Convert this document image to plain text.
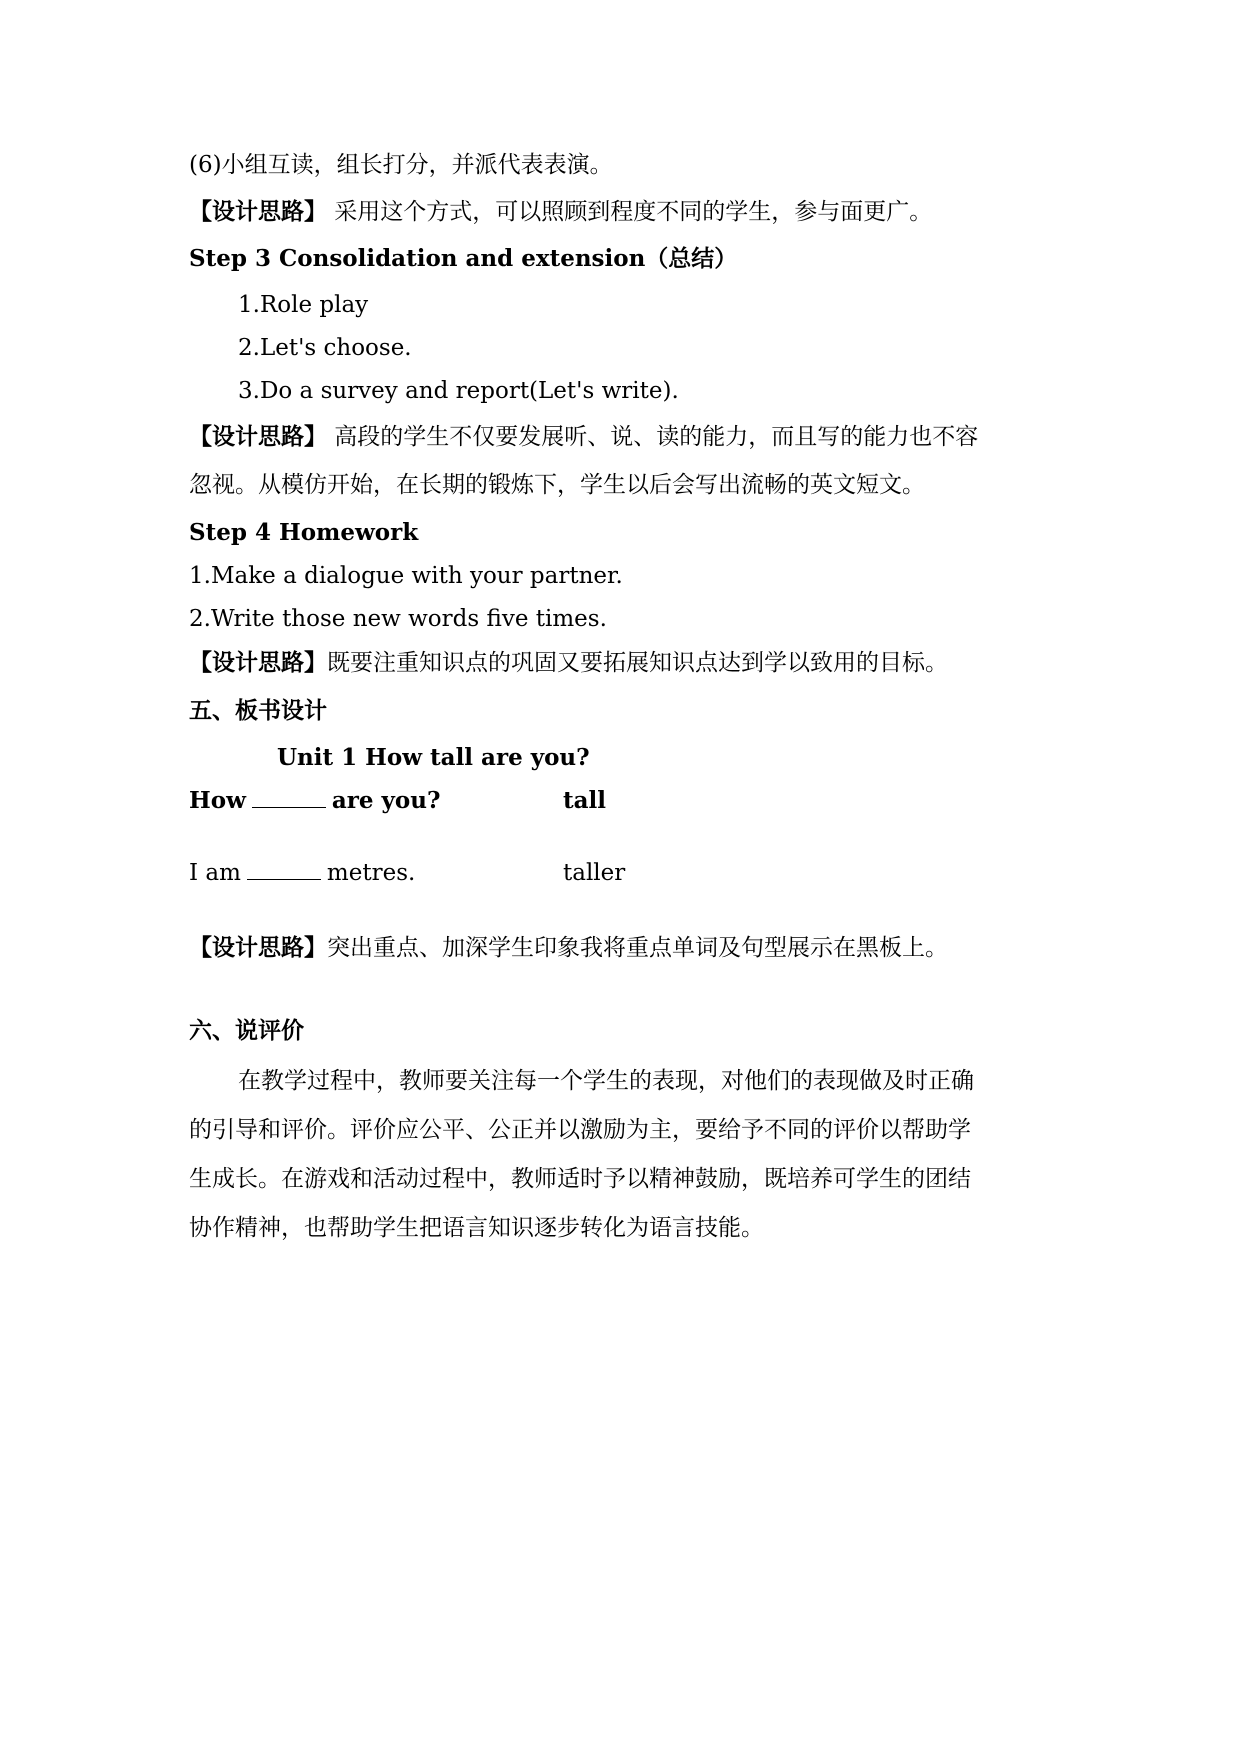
(6)小组互读，组长打分，并派代表表演。
【设计思路】 采用这个方式，可以照顾到程度不同的学生，参与面更广。
Step 3 Consolidation and extension（总结）
1.Role play
2.Let's choose.
3.Do a survey and report(Let's write).
【设计思路】 高段的学生不仅要发展听、说、读的能力，而且写的能力也不容
忽视。从模仿开始，在长期的锻炼下，学生以后会写出流畅的英文短文。
Step 4 Homework
1.Make a dialogue with your partner.
2.Write those new words five times.
【设计思路】既要注重知识点的巩固又要拓展知识点达到学以致用的目标。
五、板书设计
Unit 1 How tall are you?
How	are you?	tall
I am	metres.	taller
【设计思路】突出重点、加深学生印象我将重点单词及句型展示在黑板上。
六、说评价
在教学过程中，教师要关注每一个学生的表现，对他们的表现做及时正确
的引导和评价。评价应公平、公正并以激励为主，要给予不同的评价以帮助学
生成长。在游戏和活动过程中，教师适时予以精神鼓励，既培养可学生的团结
协作精神，也帮助学生把语言知识逐步转化为语言技能。
